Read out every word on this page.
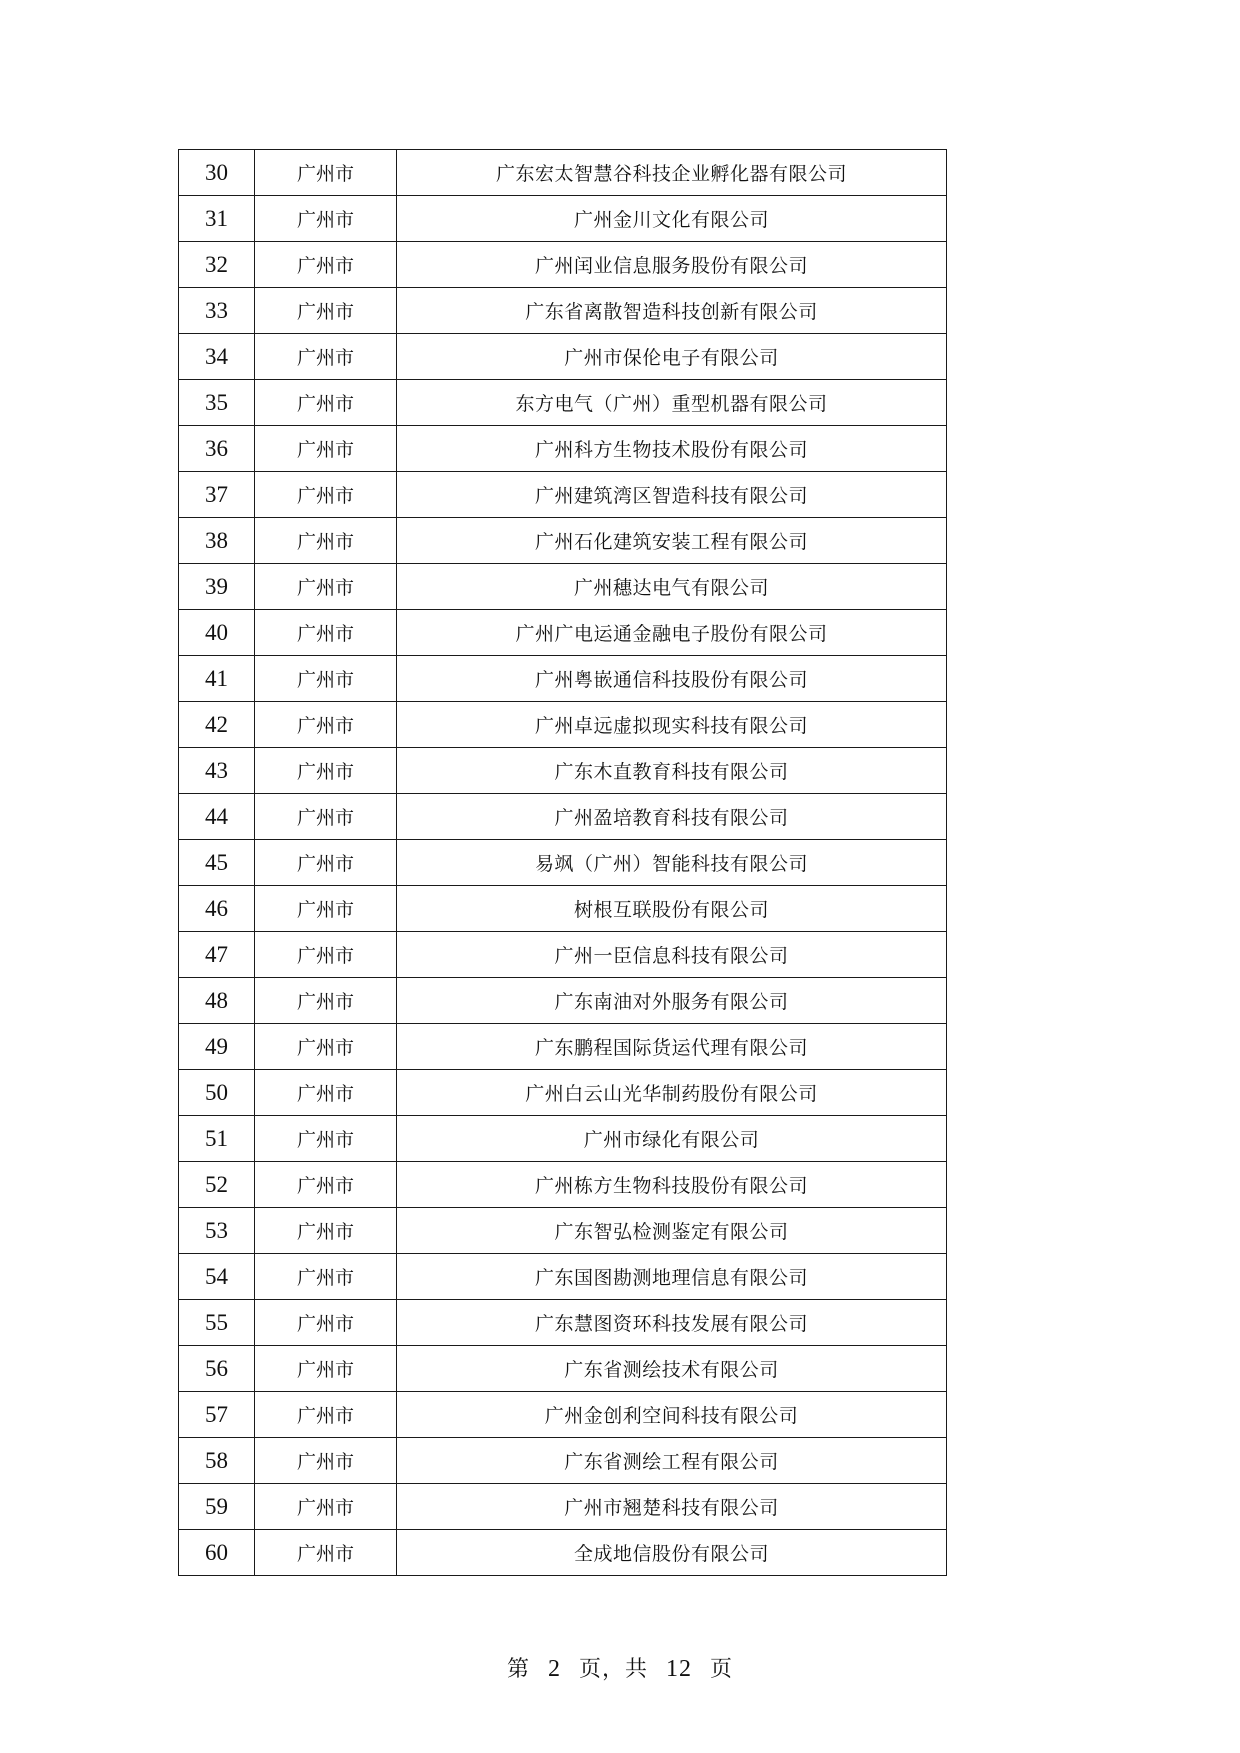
30	广州市	广东宏太智慧谷科技企业孵化器有限公司
31	广州市	广州金川文化有限公司
32	广州市	广州闰业信息服务股份有限公司
33	广州市	广东省离散智造科技创新有限公司
34	广州市	广州市保伦电子有限公司
35	广州市	东方电气（广州）重型机器有限公司
36	广州市	广州科方生物技术股份有限公司
37	广州市	广州建筑湾区智造科技有限公司
38	广州市	广州石化建筑安装工程有限公司
39	广州市	广州穗达电气有限公司
40	广州市	广州广电运通金融电子股份有限公司
41	广州市	广州粤嵌通信科技股份有限公司
42	广州市	广州卓远虚拟现实科技有限公司
43	广州市	广东木直教育科技有限公司
44	广州市	广州盈培教育科技有限公司
45	广州市	易飒（广州）智能科技有限公司
46	广州市	树根互联股份有限公司
47	广州市	广州一臣信息科技有限公司
48	广州市	广东南油对外服务有限公司
49	广州市	广东鹏程国际货运代理有限公司
50	广州市	广州白云山光华制药股份有限公司
51	广州市	广州市绿化有限公司
52	广州市	广州栋方生物科技股份有限公司
53	广州市	广东智弘检测鉴定有限公司
54	广州市	广东国图勘测地理信息有限公司
55	广州市	广东慧图资环科技发展有限公司
56	广州市	广东省测绘技术有限公司
57	广州市	广州金创利空间科技有限公司
58	广州市	广东省测绘工程有限公司
59	广州市	广州市翘楚科技有限公司
60	广州市	全成地信股份有限公司
第 2 页，共 12 页
